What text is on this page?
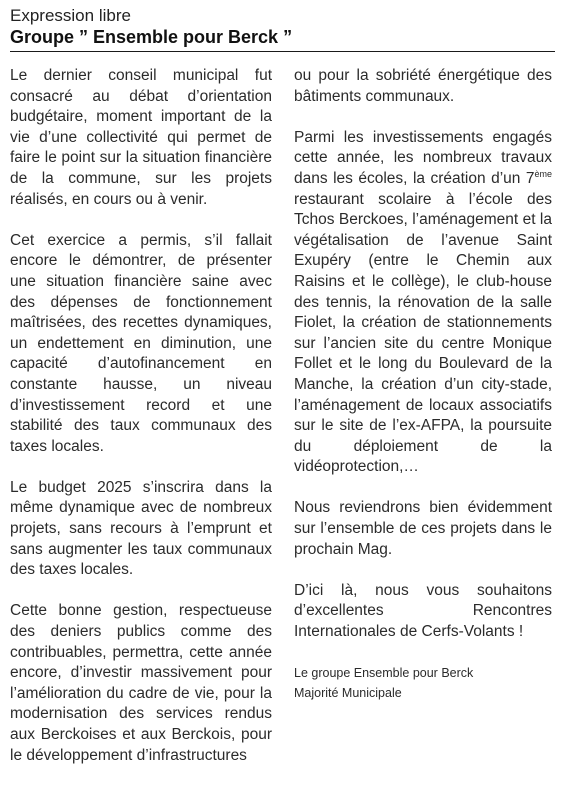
Expression libre
Groupe ” Ensemble pour Berck ”

Le dernier conseil municipal fut consacré au débat d’orientation budgétaire, moment important de la vie d’une collectivité qui permet de faire le point sur la situation financière de la commune, sur les projets réalisés, en cours ou à venir.

Cet exercice a permis, s’il fallait encore le démontrer, de présenter une situation financière saine avec des dépenses de fonctionnement maîtrisées, des recettes dynamiques, un endettement en diminution, une capacité d’autofinancement en constante hausse, un niveau d’investissement record et une stabilité des taux communaux des taxes locales.

Le budget 2025 s’inscrira dans la même dynamique avec de nombreux projets, sans recours à l’emprunt et sans augmenter les taux communaux des taxes locales.

Cette bonne gestion, respectueuse des deniers publics comme des contribuables, permettra, cette année encore, d’investir massivement pour l’amélioration du cadre de vie, pour la modernisation des services rendus aux Berckoises et aux Berckois, pour le développement d’infrastructures

ou pour la sobriété énergétique des bâtiments communaux.

Parmi les investissements engagés cette année, les nombreux travaux dans les écoles, la création d’un 7ème restaurant scolaire à l’école des Tchos Berckoes, l’aménagement et la végétalisation de l’avenue Saint Exupéry (entre le Chemin aux Raisins et le collège), le club-house des tennis, la rénovation de la salle Fiolet, la création de stationnements sur l’ancien site du centre Monique Follet et le long du Boulevard de la Manche, la création d’un city-stade, l’aménagement de locaux associatifs sur le site de l’ex-AFPA, la poursuite du déploiement de la vidéoprotection,…

Nous reviendrons bien évidemment sur l’ensemble de ces projets dans le prochain Mag.

D’ici là, nous vous souhaitons d’excellentes Rencontres Internationales de Cerfs-Volants !

Le groupe Ensemble pour Berck
Majorité Municipale
